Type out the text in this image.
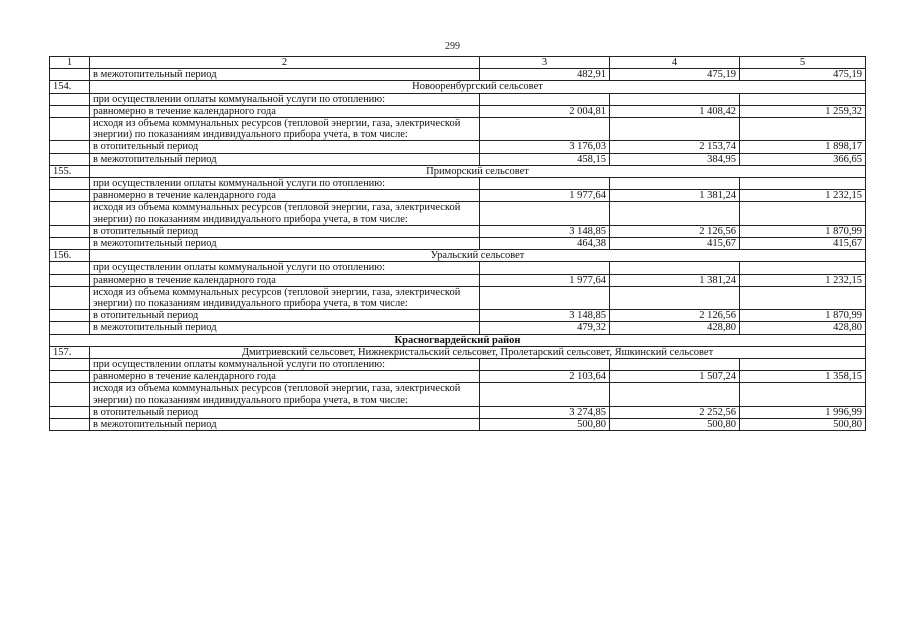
299
1	2	3	4	5
	в межотопительный период	482,91	475,19	475,19
154.	Новооренбургский сельсовет			
	при осуществлении оплаты коммунальной услуги по отоплению:			
	равномерно в течение календарного года	2 004,81	1 408,42	1 259,32
	исходя из объема коммунальных ресурсов (тепловой энергии, газа, электрической энергии) по показаниям индивидуального прибора учета, в том числе:			
	в отопительный период	3 176,03	2 153,74	1 898,17
	в межотопительный период	458,15	384,95	366,65
155.	Приморский сельсовет			
	при осуществлении оплаты коммунальной услуги по отоплению:			
	равномерно в течение календарного года	1 977,64	1 381,24	1 232,15
	исходя из объема коммунальных ресурсов (тепловой энергии, газа, электрической энергии) по показаниям индивидуального прибора учета, в том числе:			
	в отопительный период	3 148,85	2 126,56	1 870,99
	в межотопительный период	464,38	415,67	415,67
156.	Уральский сельсовет			
	при осуществлении оплаты коммунальной услуги по отоплению:			
	равномерно в течение календарного года	1 977,64	1 381,24	1 232,15
	исходя из объема коммунальных ресурсов (тепловой энергии, газа, электрической энергии) по показаниям индивидуального прибора учета, в том числе:			
	в отопительный период	3 148,85	2 126,56	1 870,99
	в межотопительный период	479,32	428,80	428,80
Красногвардейский район				
157.	Дмитриевский сельсовет, Нижнекристальский сельсовет, Пролетарский сельсовет, Яшкинский сельсовет			
	при осуществлении оплаты коммунальной услуги по отоплению:			
	равномерно в течение календарного года	2 103,64	1 507,24	1 358,15
	исходя из объема коммунальных ресурсов (тепловой энергии, газа, электрической энергии) по показаниям индивидуального прибора учета, в том числе:			
	в отопительный период	3 274,85	2 252,56	1 996,99
	в межотопительный период	500,80	500,80	500,80
